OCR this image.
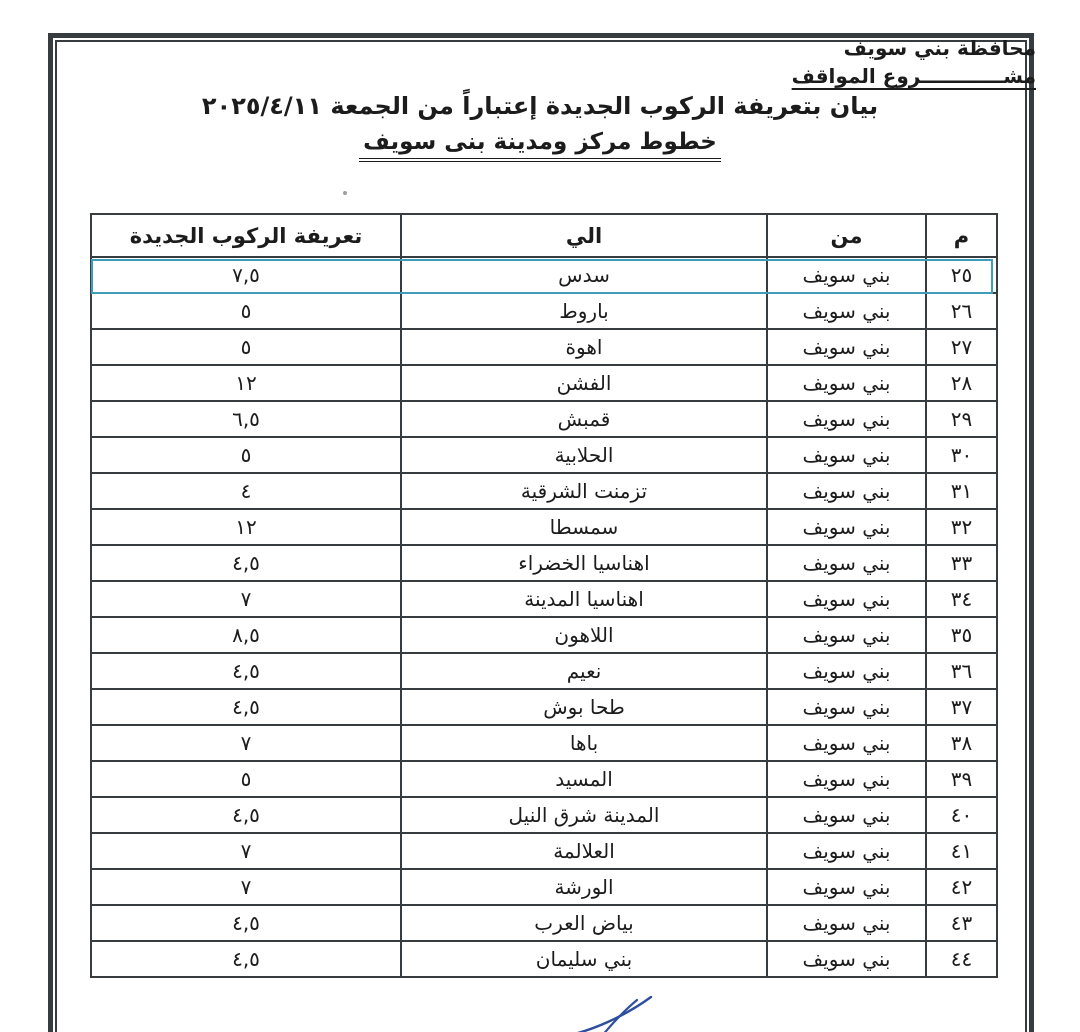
محافظة بني سويف
مشــــــــــــروع المواقف
بيان بتعريفة الركوب الجديدة إعتباراً من الجمعة ٢٠٢٥/٤/١١
خطوط مركز ومدينة بنى سويف
م	من	الي	تعريفة الركوب الجديدة
٢٥	بني سويف	سدس	٧,٥
٢٦	بني سويف	باروط	٥
٢٧	بني سويف	اهوة	٥
٢٨	بني سويف	الفشن	١٢
٢٩	بني سويف	قمبش	٦,٥
٣٠	بني سويف	الحلابية	٥
٣١	بني سويف	تزمنت الشرقية	٤
٣٢	بني سويف	سمسطا	١٢
٣٣	بني سويف	اهناسيا الخضراء	٤,٥
٣٤	بني سويف	اهناسيا المدينة	٧
٣٥	بني سويف	اللاهون	٨,٥
٣٦	بني سويف	نعيم	٤,٥
٣٧	بني سويف	طحا بوش	٤,٥
٣٨	بني سويف	باها	٧
٣٩	بني سويف	المسيد	٥
٤٠	بني سويف	المدينة شرق النيل	٤,٥
٤١	بني سويف	العلالمة	٧
٤٢	بني سويف	الورشة	٧
٤٣	بني سويف	بياض العرب	٤,٥
٤٤	بني سويف	بني سليمان	٤,٥
